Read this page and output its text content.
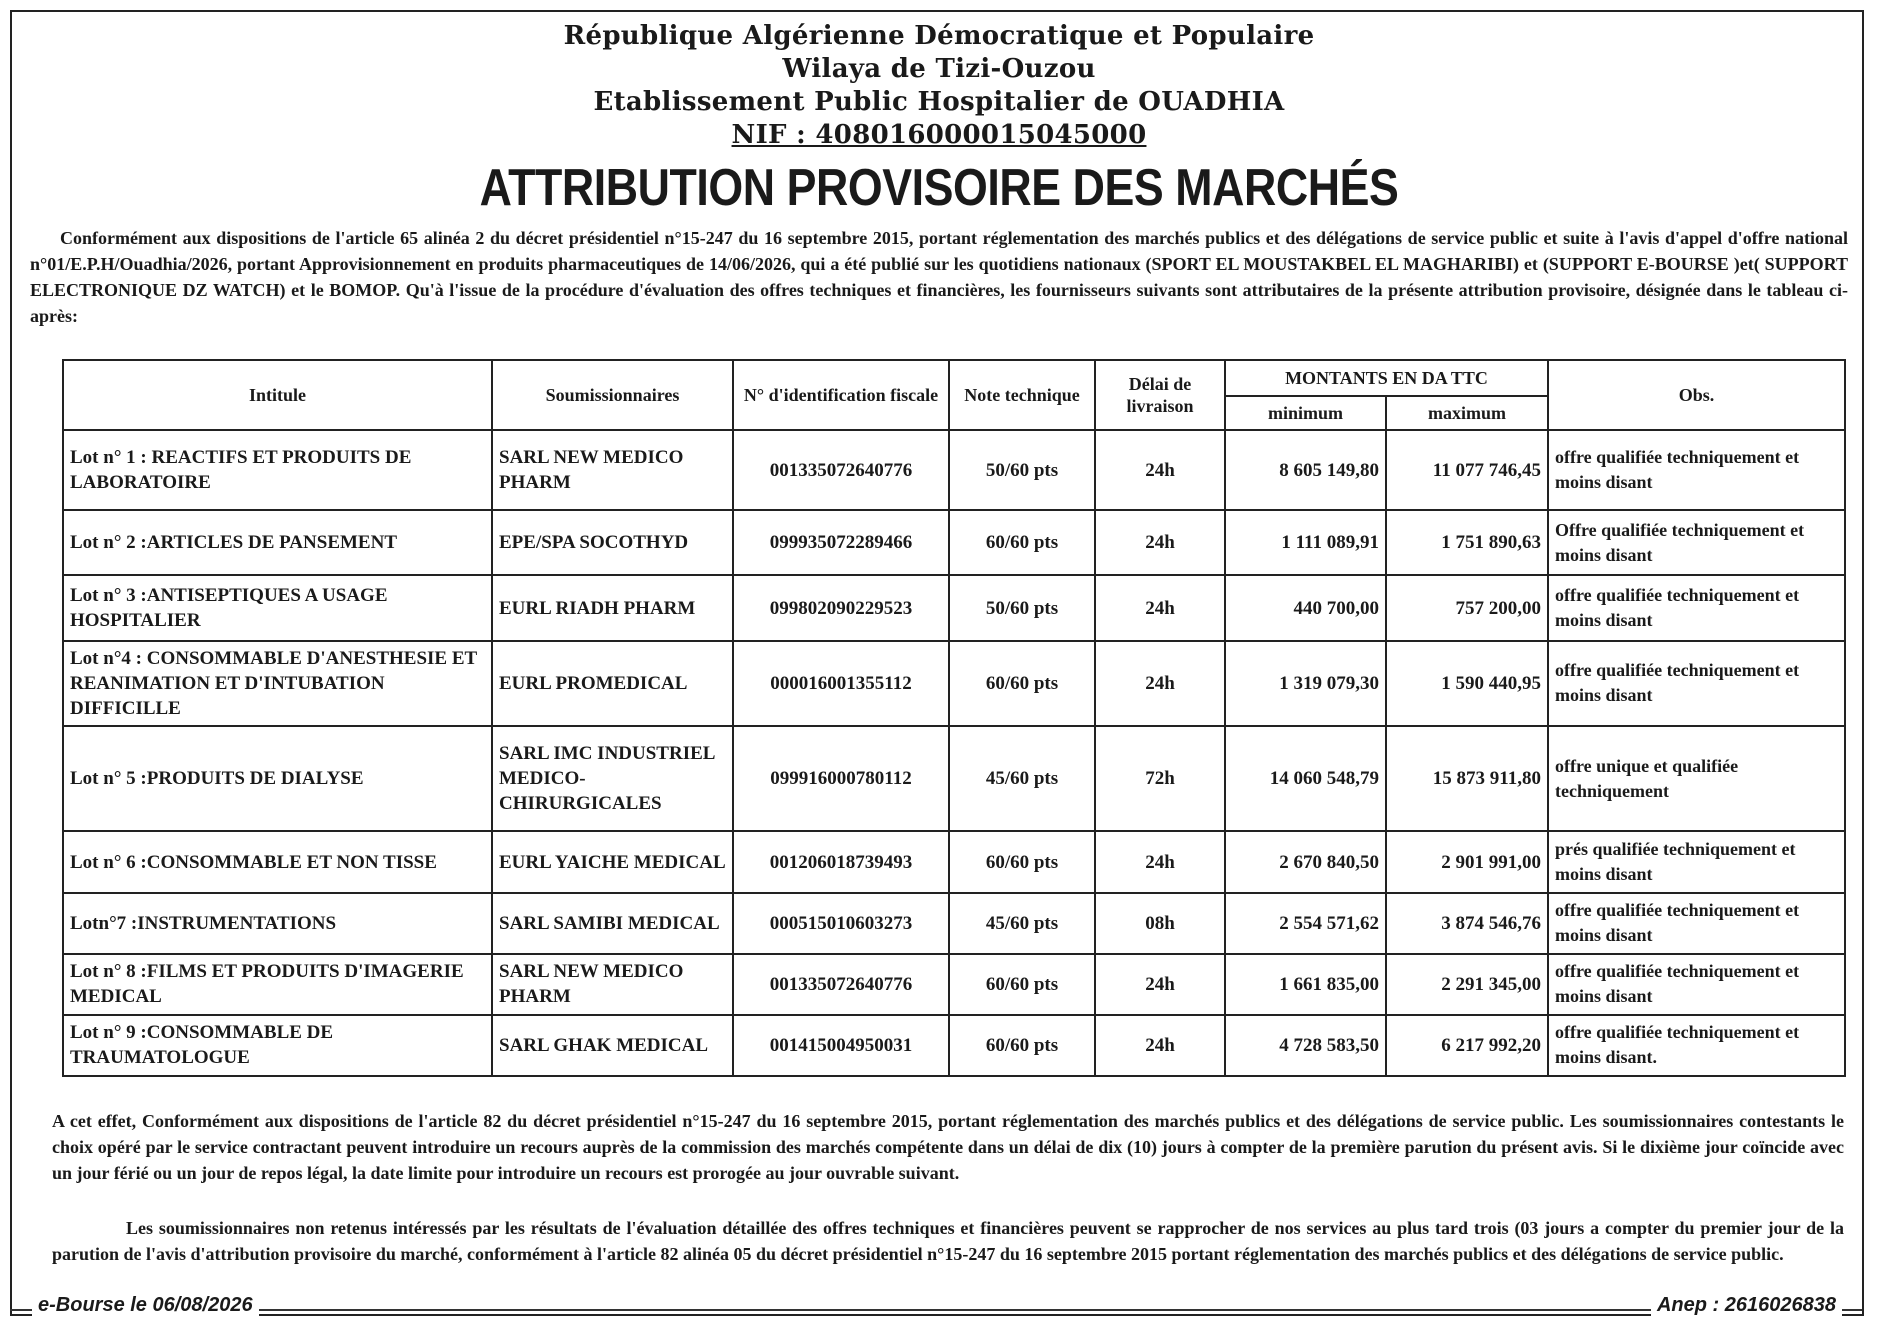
République Algérienne Démocratique et Populaire
Wilaya de Tizi-Ouzou
Etablissement Public Hospitalier de OUADHIA
NIF : 408016000015045000
ATTRIBUTION PROVISOIRE DES MARCHÉS
Conformément aux dispositions de l'article 65 alinéa 2 du décret présidentiel n°15-247 du 16 septembre 2015, portant réglementation des marchés publics et des délégations de service public et suite à l'avis d'appel d'offre national n°01/E.P.H/Ouadhia/2026, portant Approvisionnement en produits pharmaceutiques de 14/06/2026, qui a été publié sur les quotidiens nationaux (SPORT EL MOUSTAKBEL EL MAGHARIBI) et (SUPPORT E-BOURSE )et( SUPPORT ELECTRONIQUE DZ WATCH) et le BOMOP. Qu'à l'issue de la procédure d'évaluation des offres techniques et financières, les fournisseurs suivants sont attributaires de la présente attribution provisoire, désignée dans le tableau ci-après:
Intitule	Soumissionnaires	N° d'identification fiscale	Note technique	Délai de livraison	MONTANTS EN DA TTC		Obs.
					minimum	maximum	
Lot n° 1 : REACTIFS ET PRODUITS DE LABORATOIRE	SARL NEW MEDICO PHARM	001335072640776	50/60 pts	24h	8 605 149,80	11 077 746,45	offre qualifiée techniquement et moins disant
Lot n° 2 :ARTICLES DE PANSEMENT	EPE/SPA SOCOTHYD	099935072289466	60/60 pts	24h	1 111 089,91	1 751 890,63	Offre qualifiée techniquement et moins disant
Lot n° 3 :ANTISEPTIQUES A USAGE HOSPITALIER	EURL RIADH PHARM	099802090229523	50/60 pts	24h	440 700,00	757 200,00	offre qualifiée techniquement et moins disant
Lot n°4 : CONSOMMABLE D'ANESTHESIE ET REANIMATION ET D'INTUBATION DIFFICILLE	EURL PROMEDICAL	000016001355112	60/60 pts	24h	1 319 079,30	1 590 440,95	offre qualifiée techniquement et moins disant
Lot n° 5 :PRODUITS DE DIALYSE	SARL IMC INDUSTRIEL MEDICO-CHIRURGICALES	099916000780112	45/60 pts	72h	14 060 548,79	15 873 911,80	offre unique et qualifiée techniquement
Lot n° 6 :CONSOMMABLE ET NON TISSE	EURL YAICHE MEDICAL	001206018739493	60/60 pts	24h	2 670 840,50	2 901 991,00	prés qualifiée techniquement et moins disant
Lotn°7 :INSTRUMENTATIONS	SARL SAMIBI MEDICAL	000515010603273	45/60 pts	08h	2 554 571,62	3 874 546,76	offre qualifiée techniquement et moins disant
Lot n° 8 :FILMS ET PRODUITS D'IMAGERIE MEDICAL	SARL NEW MEDICO PHARM	001335072640776	60/60 pts	24h	1 661 835,00	2 291 345,00	offre qualifiée techniquement et moins disant
Lot n° 9 :CONSOMMABLE DE TRAUMATOLOGUE	SARL GHAK MEDICAL	001415004950031	60/60 pts	24h	4 728 583,50	6 217 992,20	offre qualifiée techniquement et moins disant.
A cet effet, Conformément aux dispositions de l'article 82 du décret présidentiel n°15-247 du 16 septembre 2015, portant réglementation des marchés publics et des délégations de service public. Les soumissionnaires contestants le choix opéré par le service contractant peuvent introduire un recours auprès de la commission des marchés compétente dans un délai de dix (10) jours à compter de la première parution du présent avis. Si le dixième jour coïncide avec un jour férié ou un jour de repos légal, la date limite pour introduire un recours est prorogée au jour ouvrable suivant.
Les soumissionnaires non retenus intéressés par les résultats de l'évaluation détaillée des offres techniques et financières peuvent se rapprocher de nos services au plus tard trois (03 jours a compter du premier jour de la parution de l'avis d'attribution provisoire du marché, conformément à l'article 82 alinéa 05 du décret présidentiel n°15-247 du 16 septembre 2015 portant réglementation des marchés publics et des délégations de service public.
e-Bourse le 06/08/2026	Anep : 2616026838
